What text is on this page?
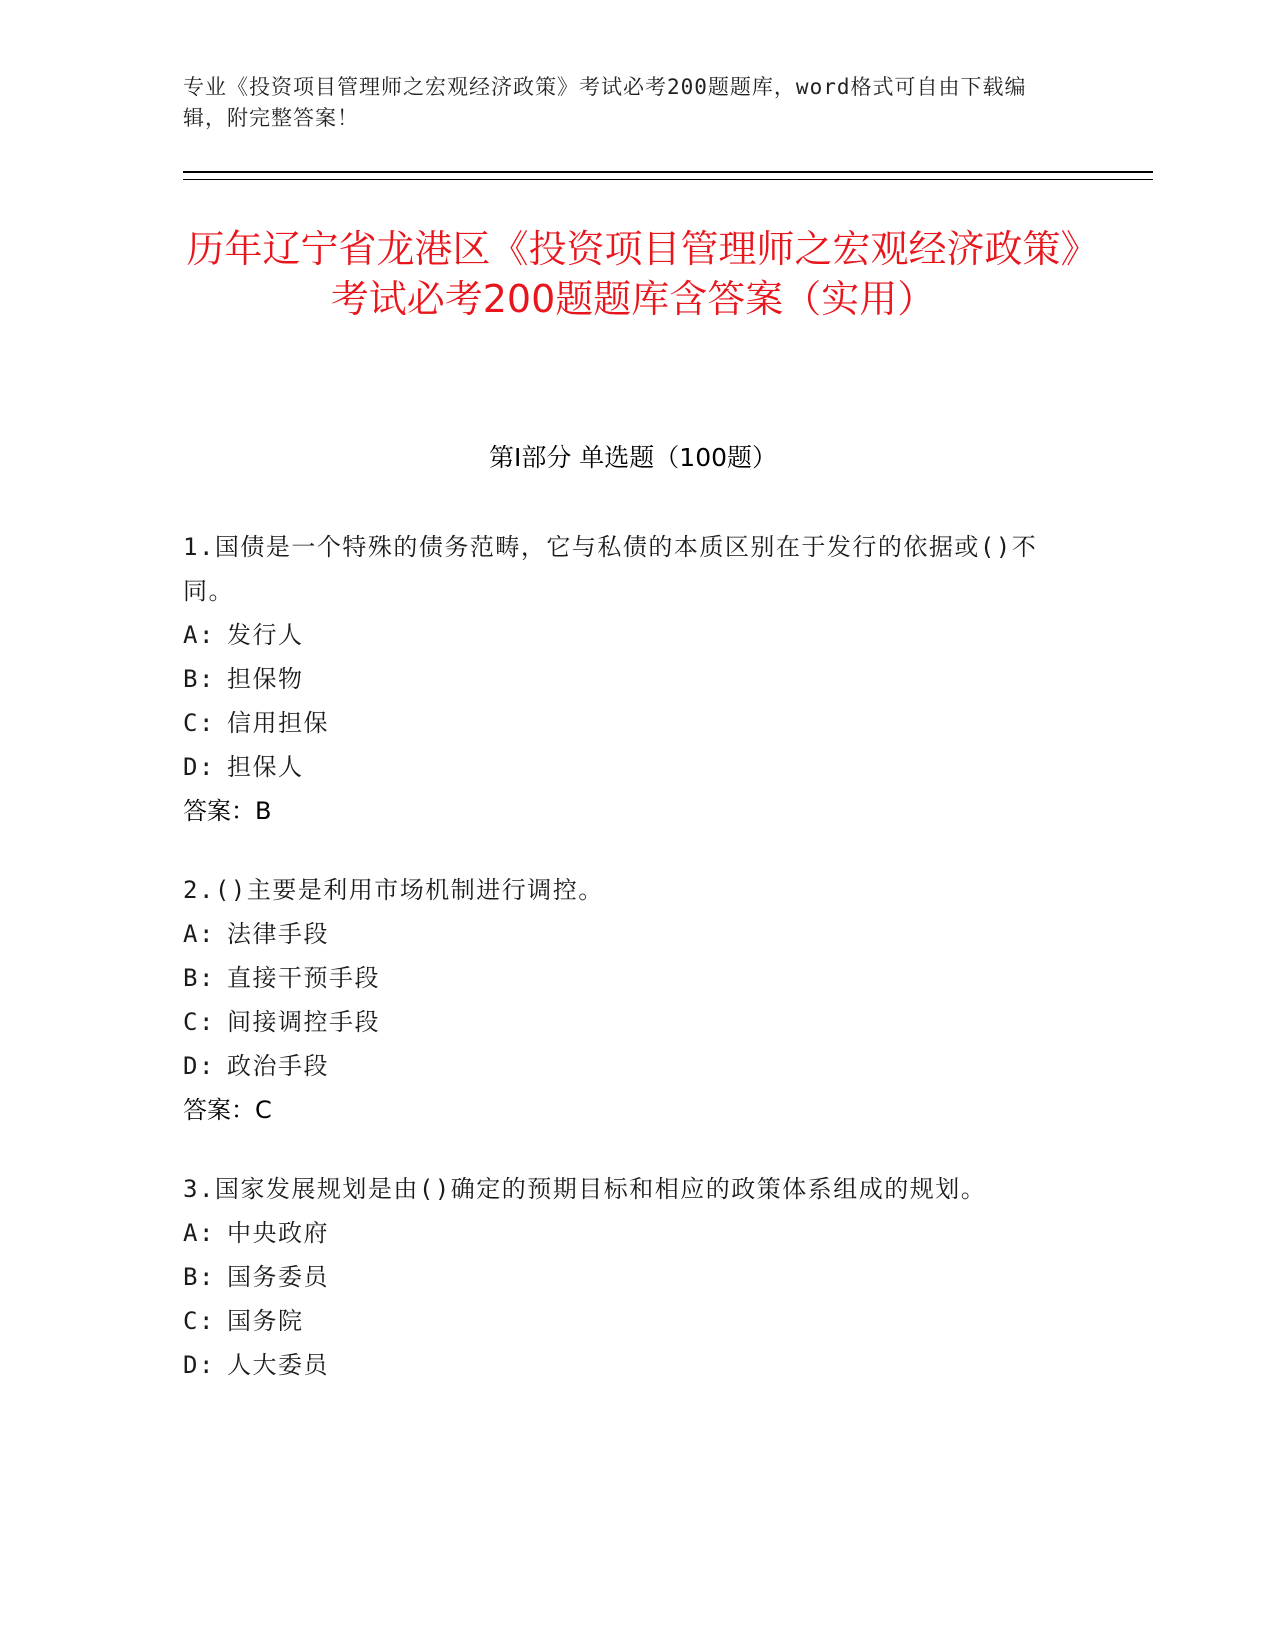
专业《投资项目管理师之宏观经济政策》考试必考200题题库，word格式可自由下载编辑，附完整答案！
历年辽宁省龙港区《投资项目管理师之宏观经济政策》考试必考200题题库含答案（实用）
第I部分 单选题（100题）
1.国债是一个特殊的债务范畴，它与私债的本质区别在于发行的依据或()不同。
A: 发行人
B: 担保物
C: 信用担保
D: 担保人
答案：B
2.()主要是利用市场机制进行调控。
A: 法律手段
B: 直接干预手段
C: 间接调控手段
D: 政治手段
答案：C
3.国家发展规划是由()确定的预期目标和相应的政策体系组成的规划。
A: 中央政府
B: 国务委员
C: 国务院
D: 人大委员
